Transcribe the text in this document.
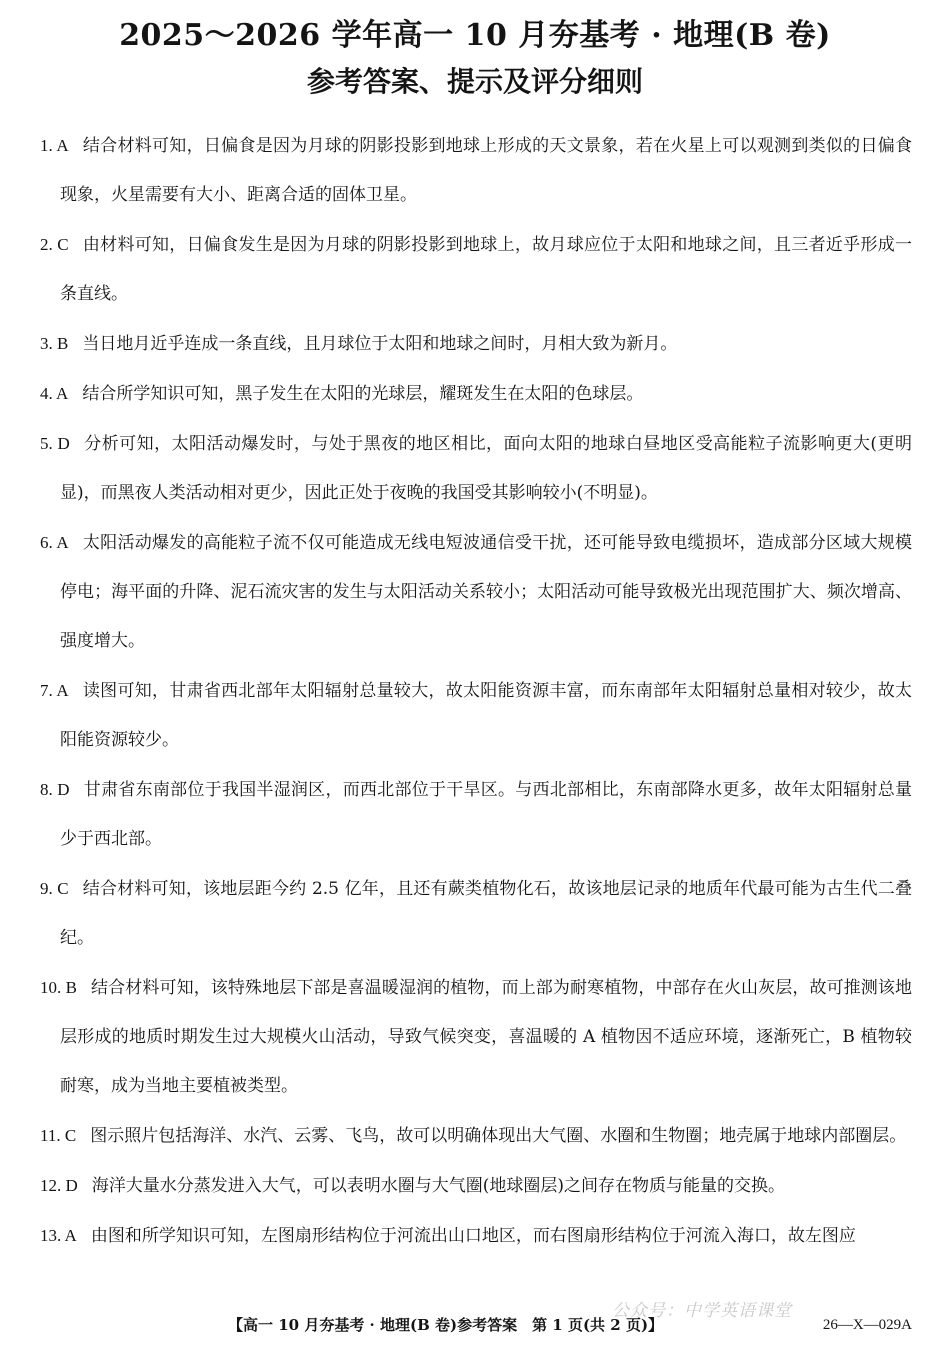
2025～2026 学年高一 10 月夯基考 · 地理(B 卷)
参考答案、提示及评分细则
1. A 结合材料可知，日偏食是因为月球的阴影投影到地球上形成的天文景象，若在火星上可以观测到类似的日偏食现象，火星需要有大小、距离合适的固体卫星。
2. C 由材料可知，日偏食发生是因为月球的阴影投影到地球上，故月球应位于太阳和地球之间，且三者近乎形成一条直线。
3. B 当日地月近乎连成一条直线，且月球位于太阳和地球之间时，月相大致为新月。
4. A 结合所学知识可知，黑子发生在太阳的光球层，耀斑发生在太阳的色球层。
5. D 分析可知，太阳活动爆发时，与处于黑夜的地区相比，面向太阳的地球白昼地区受高能粒子流影响更大(更明显)，而黑夜人类活动相对更少，因此正处于夜晚的我国受其影响较小(不明显)。
6. A 太阳活动爆发的高能粒子流不仅可能造成无线电短波通信受干扰，还可能导致电缆损坏，造成部分区域大规模停电；海平面的升降、泥石流灾害的发生与太阳活动关系较小；太阳活动可能导致极光出现范围扩大、频次增高、强度增大。
7. A 读图可知，甘肃省西北部年太阳辐射总量较大，故太阳能资源丰富，而东南部年太阳辐射总量相对较少，故太阳能资源较少。
8. D 甘肃省东南部位于我国半湿润区，而西北部位于干旱区。与西北部相比，东南部降水更多，故年太阳辐射总量少于西北部。
9. C 结合材料可知，该地层距今约 2.5 亿年，且还有蕨类植物化石，故该地层记录的地质年代最可能为古生代二叠纪。
10. B 结合材料可知，该特殊地层下部是喜温暖湿润的植物，而上部为耐寒植物，中部存在火山灰层，故可推测该地层形成的地质时期发生过大规模火山活动，导致气候突变，喜温暖的 A 植物因不适应环境，逐渐死亡，B 植物较耐寒，成为当地主要植被类型。
11. C 图示照片包括海洋、水汽、云雾、飞鸟，故可以明确体现出大气圈、水圈和生物圈；地壳属于地球内部圈层。
12. D 海洋大量水分蒸发进入大气，可以表明水圈与大气圈(地球圈层)之间存在物质与能量的交换。
13. A 由图和所学知识可知，左图扇形结构位于河流出山口地区，而右图扇形结构位于河流入海口，故左图应
公众号：中学英语课堂
【高一 10 月夯基考 · 地理(B 卷)参考答案　第 1 页(共 2 页)】	26—X—029A
